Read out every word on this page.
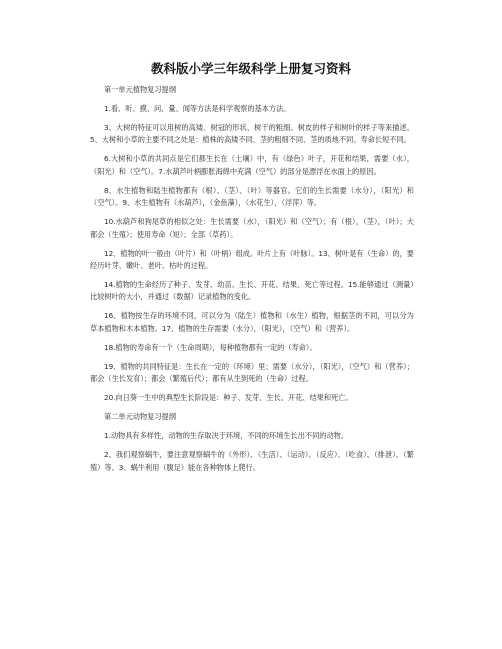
教科版小学三年级科学上册复习资料

第一单元植物复习提纲

1.看、听、摸、问、量、闻等方法是科学观察的基本方法。

3、大树的特征可以用树的高矮、树冠的形状、树干的粗细、树皮的样子和树叶的样子等来描述。5、大树和小草的主要不同之处是：植株的高矮不同、茎的粗细不同、茎的质地不同、寿命长短不同。

6.大树和小草的共同点是它们都生长在（土壤）中，有（绿色）叶子，开花和结果，需要（水），（阳光）和（空气）。7.水葫芦叶柄膨胀海绵中充满（空气）的部分是漂浮在水面上的原因。

8、水生植物和陆生植物都有（根）、（茎）、（叶）等器官。它们的生长需要（水分），（阳光）和（空气）。9、水生植物有（水葫芦），（金鱼藻），（水花生），（浮萍）等。

10.水葫芦和狗尾草的相似之处：生长需要（水），（阳光）和（空气）；有（根），（茎），（叶）；大都会（生殖）；使用寿命（短）；全部（草药）。

12、植物的叶一般由（叶片）和（叶柄）组成。叶片上有（叶脉）。13、树叶是有（生命）的，要经历叶芽、嫩叶、老叶、枯叶的过程。

14.植物的生命经历了种子、发芽、幼苗、生长、开花、结果、死亡等过程。15.能够通过（测量）比较树叶的大小，并通过（数据）记录植物的变化。

16、植物按生存的环境不同，可以分为（陆生）植物和（水生）植物，根据茎的不同，可以分为草本植物和木本植物。17、植物的生存需要（水分），（阳光），（空气）和（营养）。

18.植物的寿命有一个（生命周期），每种植物都有一定的（寿命）。

19、植物的共同特征是：生长在一定的（环境）里；需要（水分），（阳光），（空气）和（营养）；都会（生长发育）；都会（繁殖后代）；都有从生到死的（生命）过程。

20.向日葵一生中的典型生长阶段是：种子、发芽、生长、开花、结果和死亡。

第二单元动物复习提纲

1.动物具有多样性，动物的生存取决于环境，不同的环境生长出不同的动物。

2、我们观察蜗牛，要注意观察蜗牛的（外形）、（生活）、（运动）、（反应）、（吃食）、（排泄）、（繁殖）等。3、蜗牛利用（腹足）能在各种物体上爬行。
